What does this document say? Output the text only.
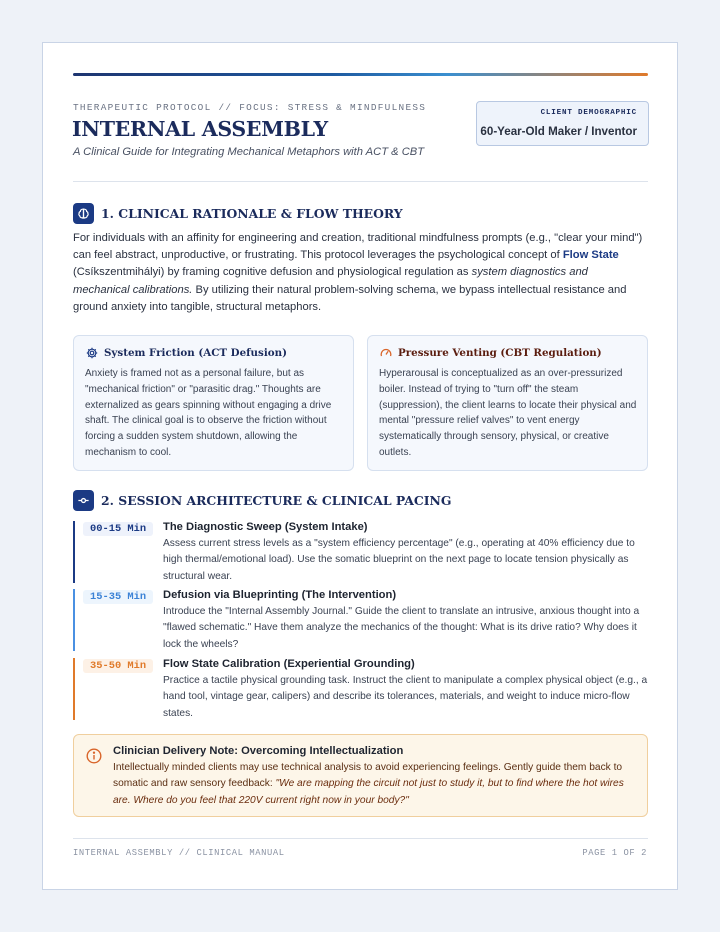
THERAPEUTIC PROTOCOL // FOCUS: STRESS & MINDFULNESS
INTERNAL ASSEMBLY
A Clinical Guide for Integrating Mechanical Metaphors with ACT & CBT
CLIENT DEMOGRAPHIC
60-Year-Old Maker / Inventor
1. CLINICAL RATIONALE & FLOW THEORY
For individuals with an affinity for engineering and creation, traditional mindfulness prompts (e.g., "clear your mind") can feel abstract, unproductive, or frustrating. This protocol leverages the psychological concept of Flow State (Csíkszentmihályi) by framing cognitive defusion and physiological regulation as system diagnostics and mechanical calibrations. By utilizing their natural problem-solving schema, we bypass intellectual resistance and ground anxiety into tangible, structural metaphors.
System Friction (ACT Defusion)
Anxiety is framed not as a personal failure, but as "mechanical friction" or "parasitic drag." Thoughts are externalized as gears spinning without engaging a drive shaft. The clinical goal is to observe the friction without forcing a sudden system shutdown, allowing the mechanism to cool.
Pressure Venting (CBT Regulation)
Hyperarousal is conceptualized as an over-pressurized boiler. Instead of trying to "turn off" the steam (suppression), the client learns to locate their physical and mental "pressure relief valves" to vent energy systematically through sensory, physical, or creative outlets.
2. SESSION ARCHITECTURE & CLINICAL PACING
00-15 Min	The Diagnostic Sweep (System Intake)
Assess current stress levels as a "system efficiency percentage" (e.g., operating at 40% efficiency due to high thermal/emotional load). Use the somatic blueprint on the next page to locate tension physically as structural wear.
15-35 Min	Defusion via Blueprinting (The Intervention)
Introduce the "Internal Assembly Journal." Guide the client to translate an intrusive, anxious thought into a "flawed schematic." Have them analyze the mechanics of the thought: What is its drive ratio? Why does it lock the wheels?
35-50 Min	Flow State Calibration (Experiential Grounding)
Practice a tactile physical grounding task. Instruct the client to manipulate a complex physical object (e.g., a hand tool, vintage gear, calipers) and describe its tolerances, materials, and weight to induce micro-flow states.
Clinician Delivery Note: Overcoming Intellectualization
Intellectually minded clients may use technical analysis to avoid experiencing feelings. Gently guide them back to somatic and raw sensory feedback: "We are mapping the circuit not just to study it, but to find where the hot wires are. Where do you feel that 220V current right now in your body?"
INTERNAL ASSEMBLY // CLINICAL MANUAL	PAGE 1 OF 2
